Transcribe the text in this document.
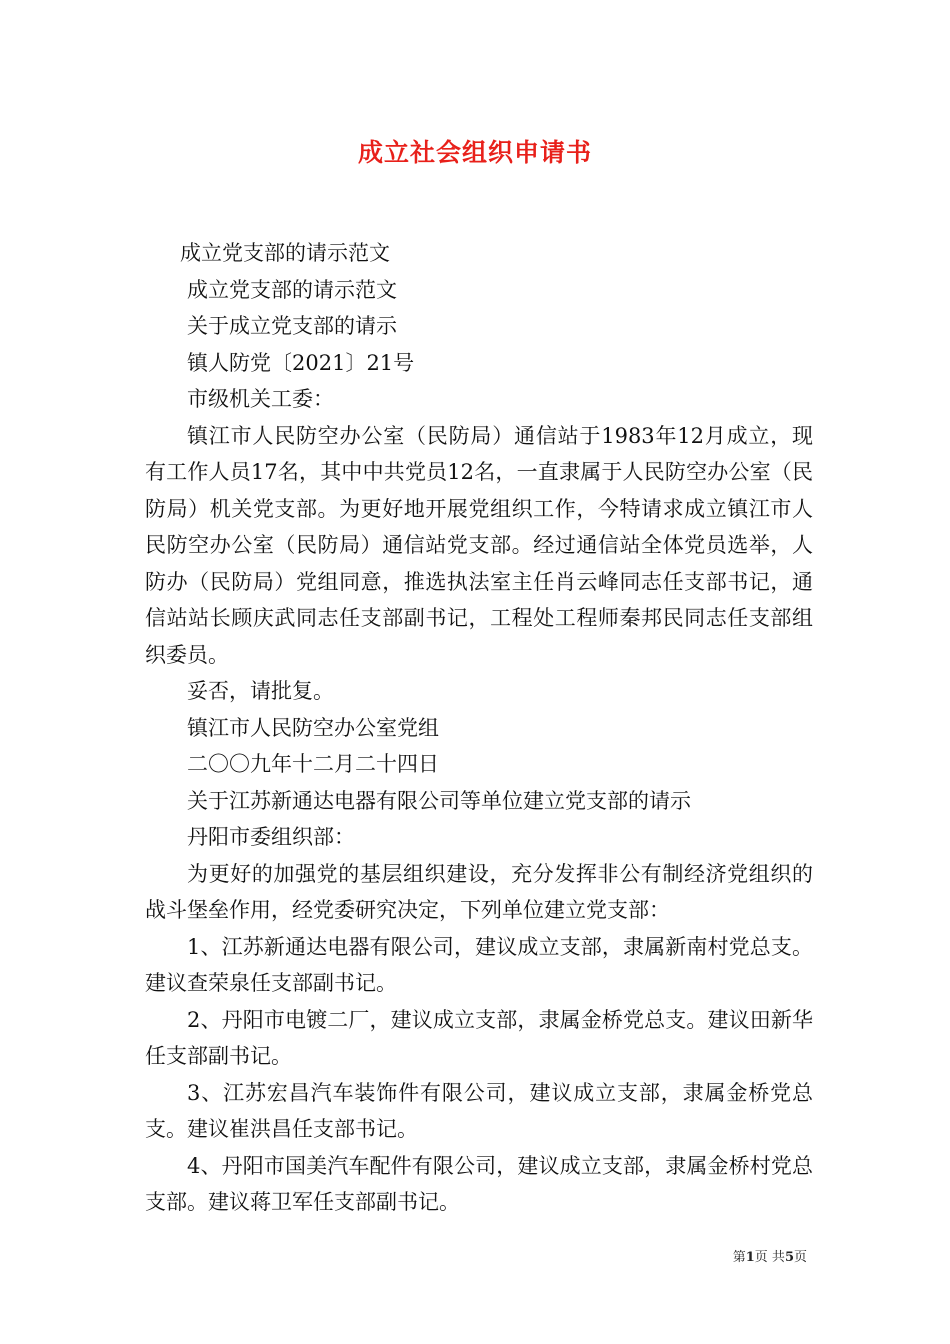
成立社会组织申请书

成立党支部的请示范文

成立党支部的请示范文

关于成立党支部的请示

镇人防党〔2021〕21号

市级机关工委：

镇江市人民防空办公室（民防局）通信站于1983年12月成立，现有工作人员17名，其中中共党员12名，一直隶属于人民防空办公室（民防局）机关党支部。为更好地开展党组织工作，今特请求成立镇江市人民防空办公室（民防局）通信站党支部。经过通信站全体党员选举，人防办（民防局）党组同意，推选执法室主任肖云峰同志任支部书记，通信站站长顾庆武同志任支部副书记，工程处工程师秦邦民同志任支部组织委员。

妥否，请批复。

镇江市人民防空办公室党组

二〇〇九年十二月二十四日

关于江苏新通达电器有限公司等单位建立党支部的请示

丹阳市委组织部：

为更好的加强党的基层组织建设，充分发挥非公有制经济党组织的战斗堡垒作用，经党委研究决定，下列单位建立党支部：

1、江苏新通达电器有限公司，建议成立支部，隶属新南村党总支。建议查荣泉任支部副书记。

2、丹阳市电镀二厂，建议成立支部，隶属金桥党总支。建议田新华任支部副书记。

3、江苏宏昌汽车装饰件有限公司，建议成立支部，隶属金桥党总支。建议崔洪昌任支部书记。

4、丹阳市国美汽车配件有限公司，建议成立支部，隶属金桥村党总支部。建议蒋卫军任支部副书记。

第1页 共5页
